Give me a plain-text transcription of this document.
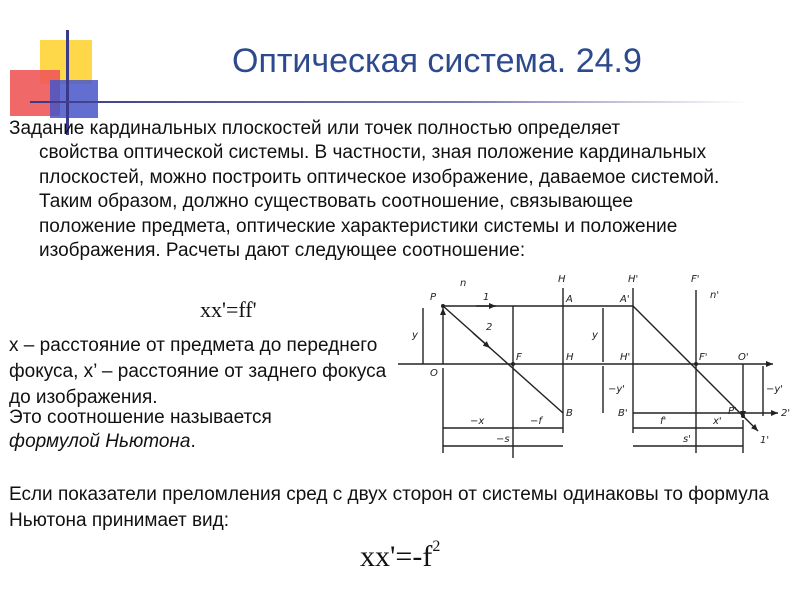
Оптическая система. 24.9

Задание кардинальных плоскостей или точек полностью определяет
свойства оптической системы. В частности, зная положение кардинальных плоскостей, можно построить оптическое изображение, даваемое системой. Таким образом, должно существовать соотношение, связывающее положение предмета, оптические характеристики системы и положение изображения. Расчеты дают следующее соотношение:

xx'=ff'

x – расстояние от предмета до переднего фокуса, x’ – расстояние от заднего фокуса до изображения.

Это соотношение называется
формулой Ньютона.

Если показатели преломления сред с двух сторон от системы одинаковы то формула Ньютона принимает вид:

$xx'=-f^2$
P
n	H	H'	F'
n'
A	A'
1
2
y	y
O
F	H	H'	F'	O'
−y'	−y'
B	B'	P'	2'
1'
−x	−f
−s
f'	x'
s'
